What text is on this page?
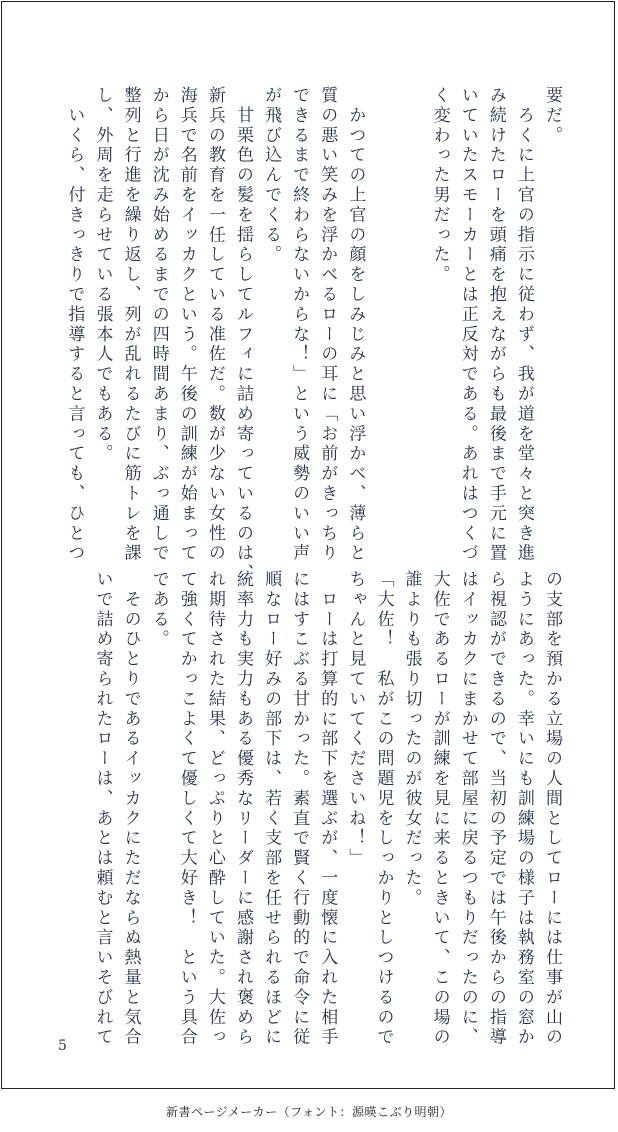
要だ。
　ろくに上官の指示に従わず、我が道を堂々と突き進
み続けたローを頭痛を抱えながらも最後まで手元に置
いていたスモーカーとは正反対である。あれはつくづ
く変わった男だった。

　かつての上官の顔をしみじみと思い浮かべ、薄らと
質の悪い笑みを浮かべるローの耳に「お前がきっちり
できるまで終わらないからな！」という威勢のいい声
が飛び込んでくる。
　甘栗色の髪を揺らしてルフィに詰め寄っているのは、
新兵の教育を一任している准佐だ。数が少ない女性の
海兵で名前をイッカクという。午後の訓練が始まって
から日が沈み始めるまでの四時間あまり、ぶっ通しで
整列と行進を繰り返し、列が乱れるたびに筋トレを課
し、外周を走らせている張本人でもある。
　いくら、付きっきりで指導すると言っても、ひとつ
の支部を預かる立場の人間としてローには仕事が山の
ようにあった。幸いにも訓練場の様子は執務室の窓か
ら視認ができるので、当初の予定では午後からの指導
はイッカクにまかせて部屋に戻るつもりだったのに、
大佐であるローが訓練を見に来るときいて、この場の
誰よりも張り切ったのが彼女だった。
「大佐！　私がこの問題児をしっかりとしつけるので
ちゃんと見ていてくださいね！」
　ローは打算的に部下を選ぶが、一度懐に入れた相手
にはすこぶる甘かった。素直で賢く行動的で命令に従
順なロー好みの部下は、若く支部を任せられるほどに
統率力も実力もある優秀なリーダーに感謝され褒めら
れ期待された結果、どっぷりと心酔していた。大佐っ
て強くてかっこよくて優しくて大好き！　という具合
である。
　そのひとりであるイッカクにただならぬ熱量と気合
いで詰め寄られたローは、あとは頼むと言いそびれて
5
新書ページメーカー（フォント：源暎こぶり明朝）
